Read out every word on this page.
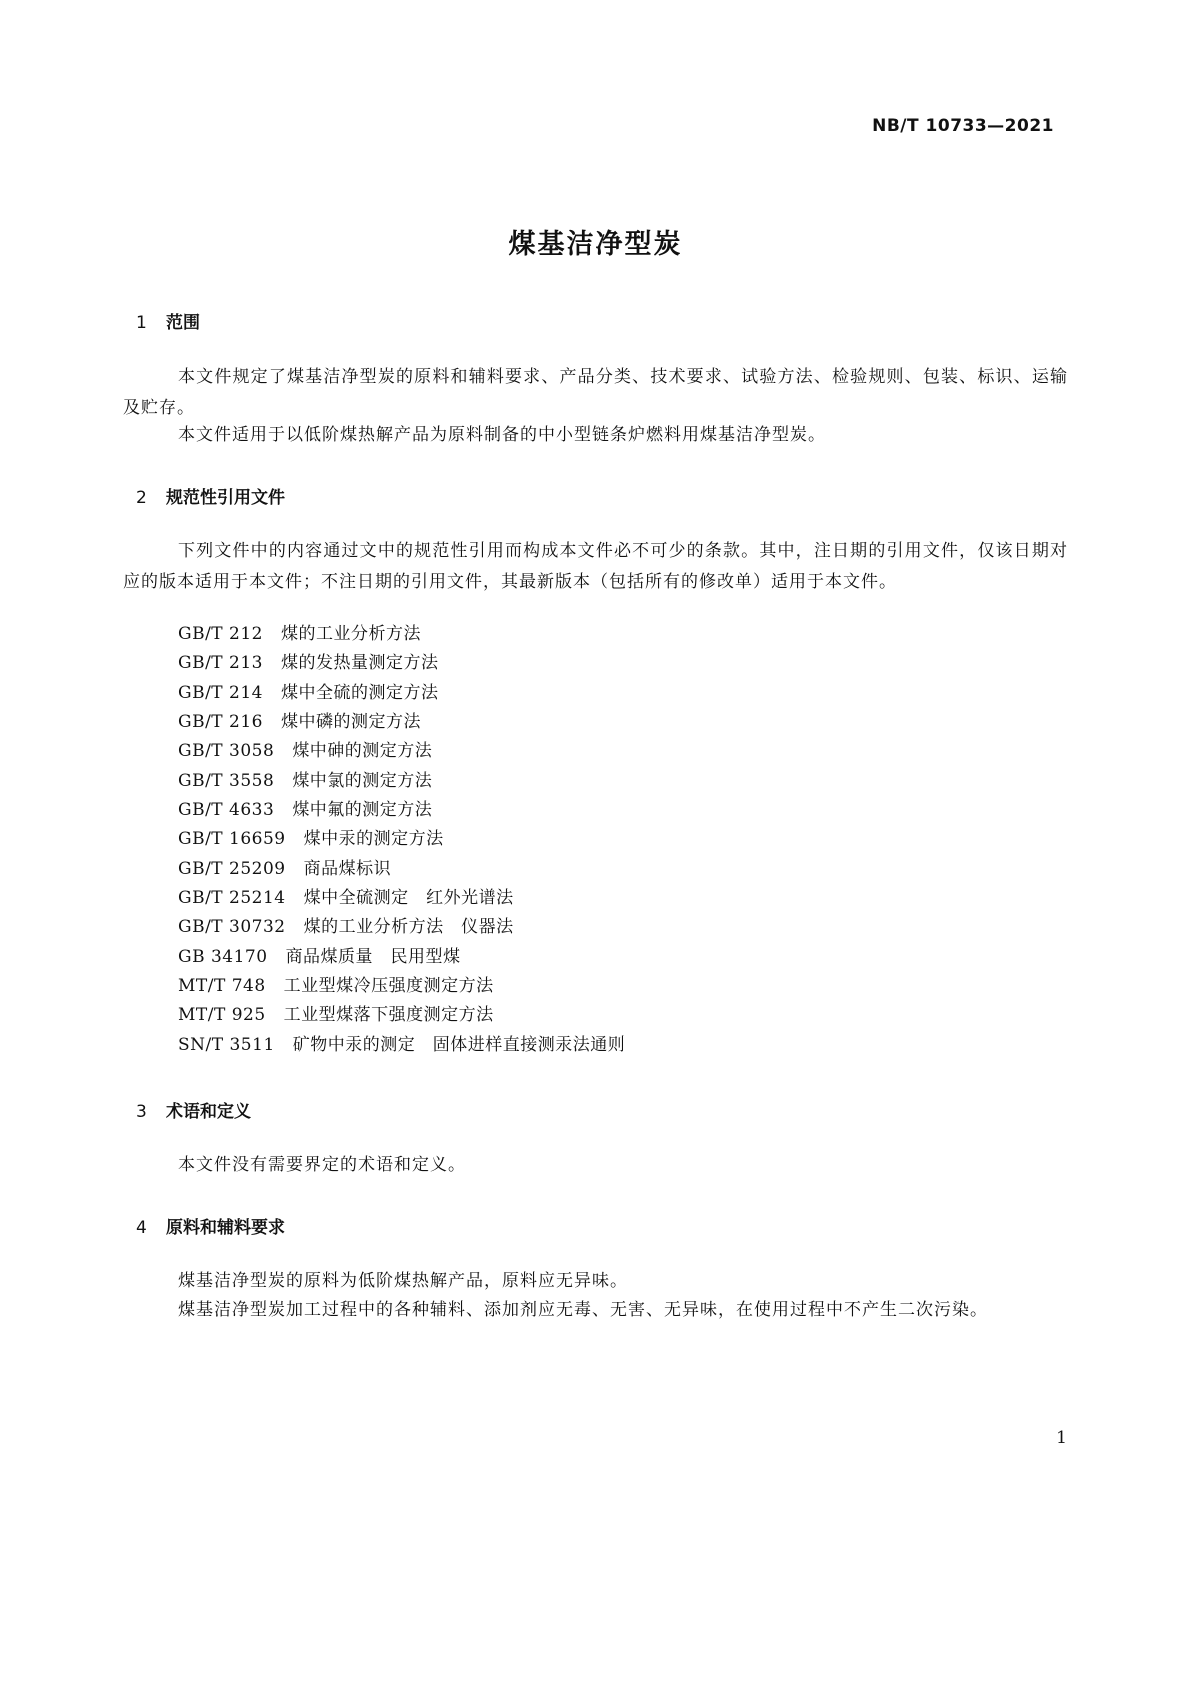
NB/T 10733—2021
煤基洁净型炭
1 范围

本文件规定了煤基洁净型炭的原料和辅料要求、产品分类、技术要求、试验方法、检验规则、包装、标识、运输及贮存。

本文件适用于以低阶煤热解产品为原料制备的中小型链条炉燃料用煤基洁净型炭。

2 规范性引用文件

下列文件中的内容通过文中的规范性引用而构成本文件必不可少的条款。其中，注日期的引用文件，仅该日期对应的版本适用于本文件；不注日期的引用文件，其最新版本（包括所有的修改单）适用于本文件。

GB/T 212 煤的工业分析方法
GB/T 213 煤的发热量测定方法
GB/T 214 煤中全硫的测定方法
GB/T 216 煤中磷的测定方法
GB/T 3058 煤中砷的测定方法
GB/T 3558 煤中氯的测定方法
GB/T 4633 煤中氟的测定方法
GB/T 16659 煤中汞的测定方法
GB/T 25209 商品煤标识
GB/T 25214 煤中全硫测定　红外光谱法
GB/T 30732 煤的工业分析方法　仪器法
GB 34170 商品煤质量　民用型煤
MT/T 748 工业型煤冷压强度测定方法
MT/T 925 工业型煤落下强度测定方法
SN/T 3511 矿物中汞的测定　固体进样直接测汞法通则
3 术语和定义

本文件没有需要界定的术语和定义。

4 原料和辅料要求

煤基洁净型炭的原料为低阶煤热解产品，原料应无异味。

煤基洁净型炭加工过程中的各种辅料、添加剂应无毒、无害、无异味，在使用过程中不产生二次污染。

1
